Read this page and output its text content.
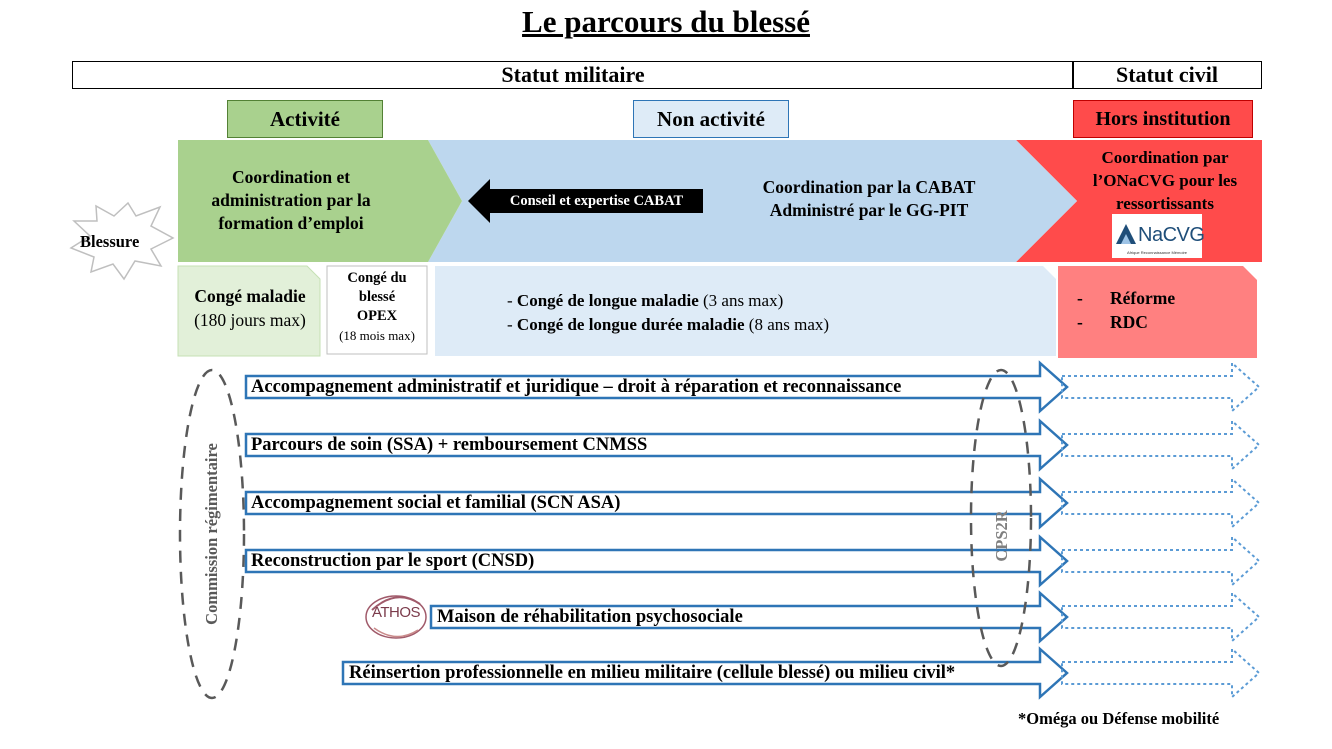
Le parcours du blessé
Statut militaire	Statut civil
Activité	Non activité	Hors institution
Coordination et
administration par la
formation d’emploi
Conseil et expertise CABAT
Coordination par la CABAT
Administré par le GG-PIT
Coordination par
l’ONaCVG pour les
ressortissants
NaCVG
Afrique Reconnaissance Mémoire
Blessure
Congé maladie
(180 jours max)
Congé du
blessé
OPEX
(18 mois max)
- Congé de longue maladie (3 ans max)
- Congé de longue durée maladie (8 ans max)
- Réforme
- RDC
Accompagnement administratif et juridique – droit à réparation et reconnaissance
Parcours de soin (SSA) + remboursement CNMSS
Accompagnement social et familial (SCN ASA)
Reconstruction par le sport (CNSD)
Maison de réhabilitation psychosociale
Réinsertion professionnelle en milieu militaire (cellule blessé) ou milieu civil*
ATHOS
Commission régimentaire	CPS2R
*Oméga ou Défense mobilité
